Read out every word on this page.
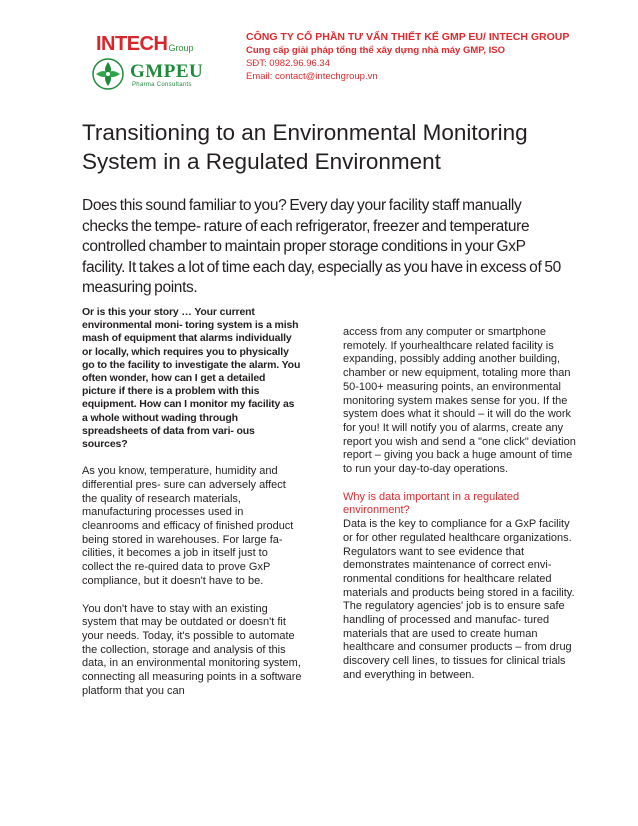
IN TECH Group
GMPEU
Pharma Consultants
CÔNG TY CỔ PHẦN TƯ VẤN THIẾT KẾ GMP EU/ INTECH GROUP
Cung cấp giải pháp tổng thể xây dựng nhà máy GMP, ISO
SĐT: 0982.96.96.34
Email: contact@intechgroup.vn
Transitioning to an Environmental Monitoring System in a Regulated Environment

Does this sound familiar to you? Every day your facility staff manually checks the tempe- rature of each refrigerator, freezer and temperature controlled chamber to maintain proper storage conditions in your GxP facility. It takes a lot of time each day, especially as you have in excess of 50 measuring points.

Or is this your story … Your current environmental moni- toring system is a mish mash of equipment that alarms individually or locally, which requires you to physically go to the facility to investigate the alarm. You often wonder, how can I get a detailed picture if there is a problem with this equipment. How can I monitor my facility as a whole without wading through spreadsheets of data from vari- ous sources?

As you know, temperature, humidity and differential pres- sure can adversely affect the quality of research materials, manufacturing processes used in cleanrooms and efficacy of finished product being stored in warehouses. For large fa- cilities, it becomes a job in itself just to collect the re-quired data to prove GxP compliance, but it doesn't have to be.

You don't have to stay with an existing system that may be outdated or doesn't fit your needs. Today, it's possible to automate the collection, storage and analysis of this data, in an environmental monitoring system, connecting all measuring points in a software platform that you can

access from any computer or smartphone remotely. If yourhealthcare related facility is expanding, possibly adding another building, chamber or new equipment, totaling more than 50-100+ measuring points, an environmental monitoring system makes sense for you. If the system does what it should – it will do the work for you! It will notify you of alarms, create any report you wish and send a "one click" deviation report – giving you back a huge amount of time to run your day-to-day operations.

Why is data important in a regulated environment?

Data is the key to compliance for a GxP facility or for other regulated healthcare organizations. Regulators want to see evidence that demonstrates maintenance of correct envi- ronmental conditions for healthcare related materials and products being stored in a facility. The regulatory agencies' job is to ensure safe handling of processed and manufac- tured materials that are used to create human healthcare and consumer products – from drug discovery cell lines, to tissues for clinical trials and everything in between.
